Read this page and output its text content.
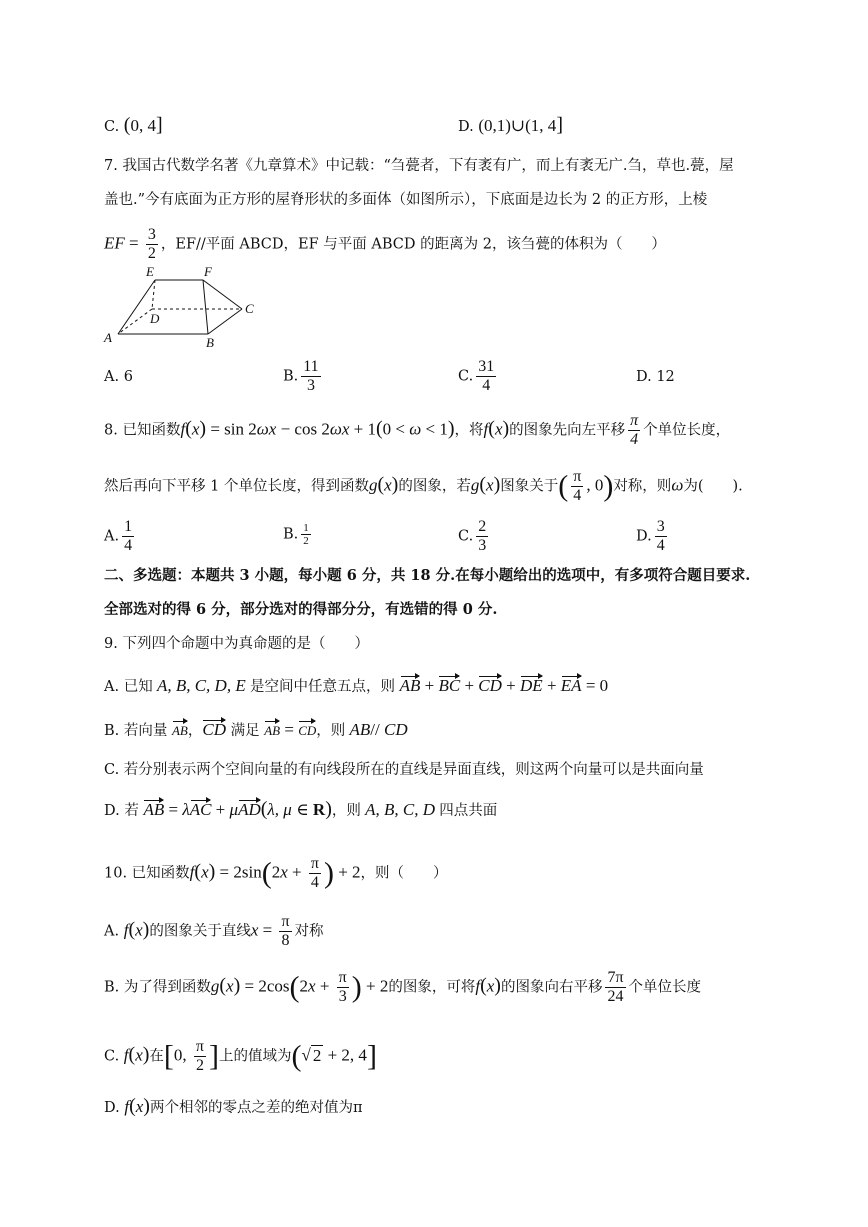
C. (0, 4]	D. (0,1)∪(1, 4]
7. 我国古代数学名著《九章算术》中记载：“刍甍者，下有袤有广，而上有袤无广.刍，草也.甍，屋
盖也.”今有底面为正方形的屋脊形状的多面体（如图所示），下底面是边长为 2 的正方形，上棱
EF = $\frac{3}{2}$ ，EF//平面 ABCD，EF 与平面 ABCD 的距离为 2，该刍甍的体积为（　　）
E	F
D
C
A	B
A. 6	B. $\frac{11}{3}$	C. $\frac{31}{4}$	D. 12
8. 已知函数f(x) = sin 2ωx − cos 2ωx + 1(0 < ω < 1)，将f(x)的图象先向左平移 $\frac{\pi}{4}$ 个单位长度，
然后再向下平移 1 个单位长度，得到函数g(x)的图象，若g(x)图象关于( $\frac{\pi}{4}$ , 0)对称，则ω为(　　).
A. $\frac{1}{4}$	B. $\frac{1}{2}$	C. $\frac{2}{3}$	D. $\frac{3}{4}$
二、多选题：本题共 3 小题，每小题 6 分，共 18 分.在每小题给出的选项中，有多项符合题目要求.
全部选对的得 6 分，部分选对的得部分分，有选错的得 0 分.
9. 下列四个命题中为真命题的是（　　）
A. 已知 A, B, C, D, E 是空间中任意五点，则 AB + BC + CD + DE + EA = 0
B. 若向量 AB，CD 满足 AB = CD，则 AB// CD
C. 若分别表示两个空间向量的有向线段所在的直线是异面直线，则这两个向量可以是共面向量
D. 若 AB = λAC + μAD(λ, μ ∈ R)，则 A, B, C, D 四点共面
10. 已知函数$f(x) = 2\sin(2x + \frac{\pi}{4}$ ) + 2，则（　　）
A. f(x)的图象关于直线$x = \frac{\pi}{8}$ 对称
B. 为了得到函数$g(x) = 2\cos(2x + \frac{\pi}{3}$ ) + 2的图象，可将f(x)的图象向右平移 $\frac{7\pi}{24}$ 个单位长度
C. f(x)在[0, $\frac{\pi}{2}$ ]上的值域为(√ 2 + 2, 4]
D. f(x)两个相邻的零点之差的绝对值为π
